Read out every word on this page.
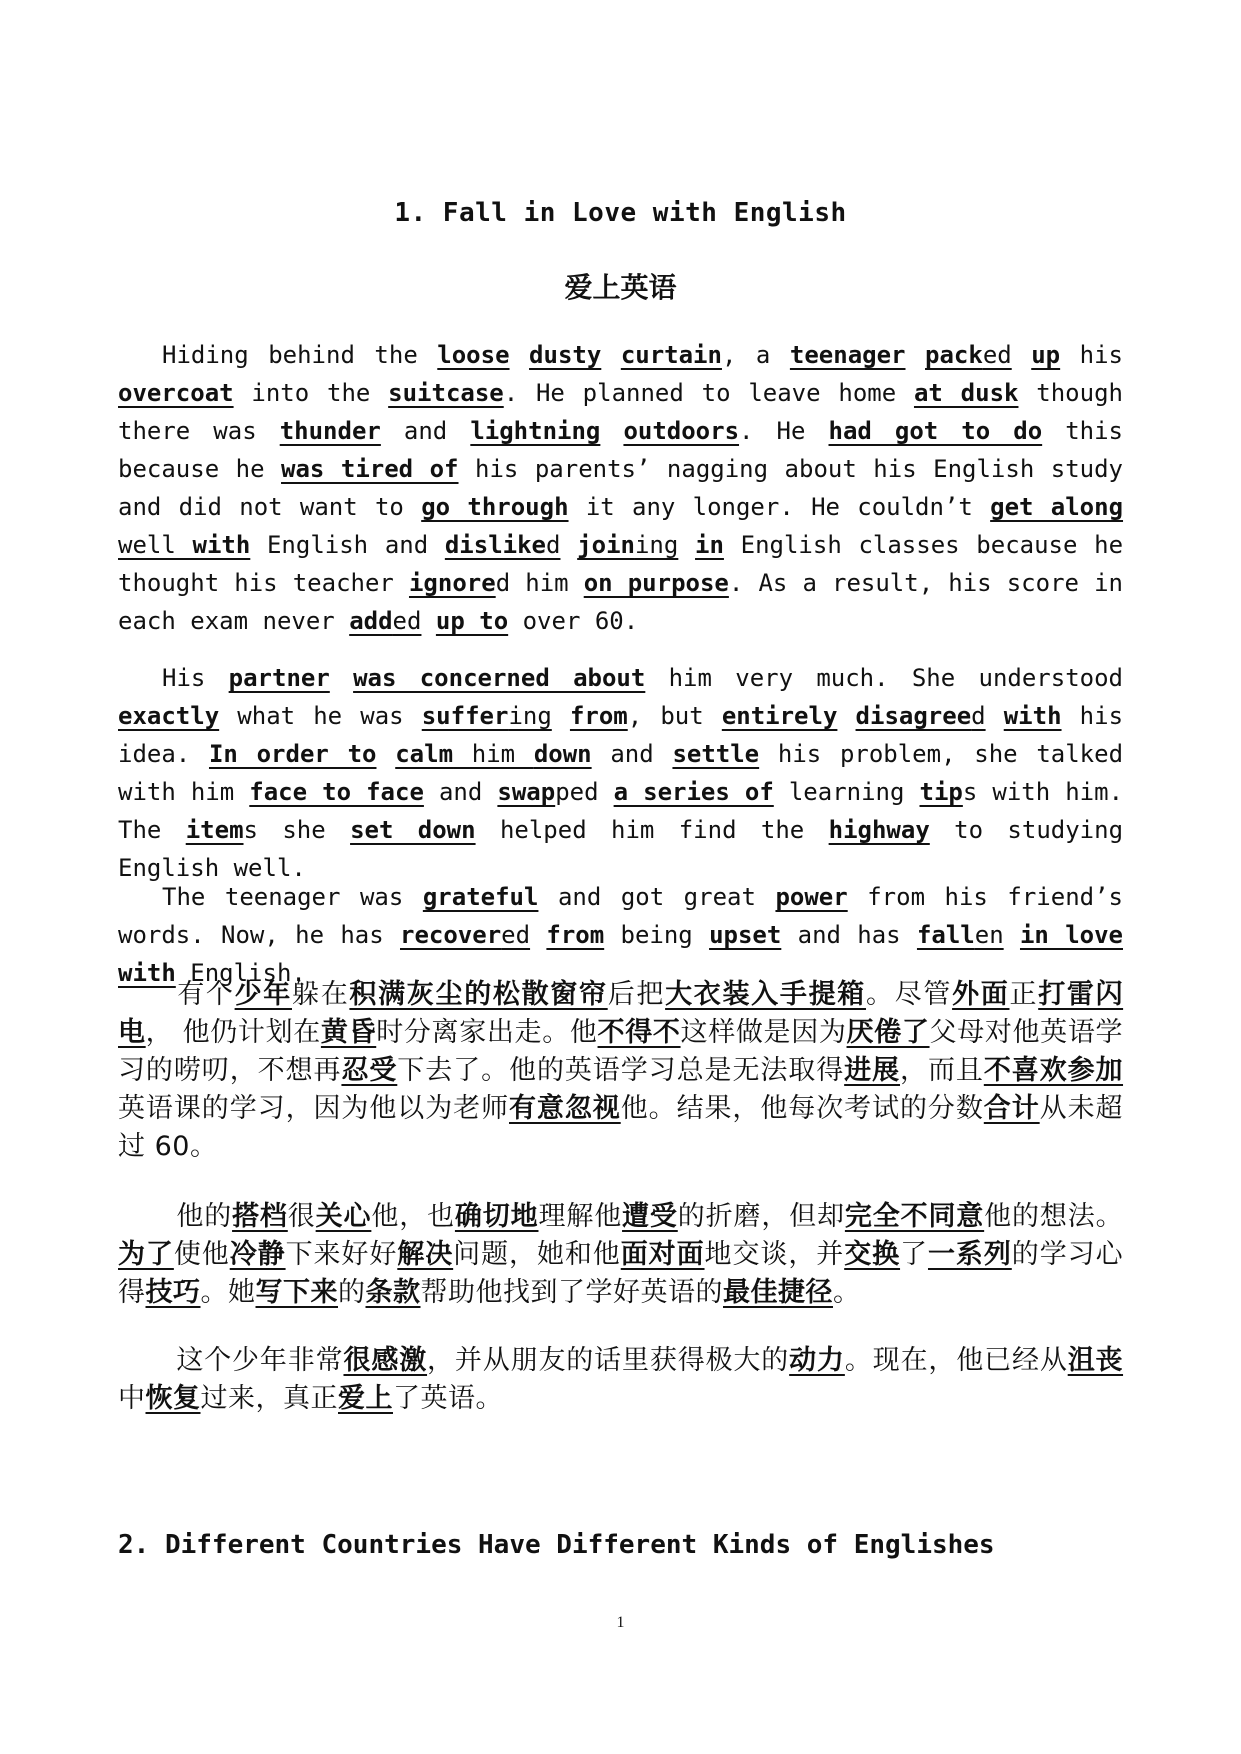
1. Fall in Love with English
爱上英语

Hiding behind the loose dusty curtain, a teenager packed up his overcoat into the suitcase. He planned to leave home at dusk though there was thunder and lightning outdoors. He had got to do this because he was tired of his parents’ nagging about his English study and did not want to go through it any longer. He couldn’t get along well with English and disliked joining in English classes because he thought his teacher ignored him on purpose. As a result, his score in each exam never added up to over 60.

His partner was concerned about him very much. She understood exactly what he was suffering from, but entirely disagreed with his idea. In order to calm him down and settle his problem, she talked with him face to face and swapped a series of learning tips with him. The items she set down helped him find the highway to studying English well.

The teenager was grateful and got great power from his friend’s words. Now, he has recovered from being upset and has fallen in love with English.

有个少年躲在积满灰尘的松散窗帘后把大衣装入手提箱。尽管外面正打雷闪电， 他仍计划在黄昏时分离家出走。他不得不这样做是因为厌倦了父母对他英语学习的唠叨，不想再忍受下去了。他的英语学习总是无法取得进展，而且不喜欢参加英语课的学习，因为他以为老师有意忽视他。结果，他每次考试的分数合计从未超过 60。

他的搭档很关心他，也确切地理解他遭受的折磨，但却完全不同意他的想法。为了使他冷静下来好好解决问题，她和他面对面地交谈，并交换了一系列的学习心得技巧。她写下来的条款帮助他找到了学好英语的最佳捷径。

这个少年非常很感激，并从朋友的话里获得极大的动力。现在，他已经从沮丧中恢复过来，真正爱上了英语。

2. Different Countries Have Different Kinds of Englishes
1
